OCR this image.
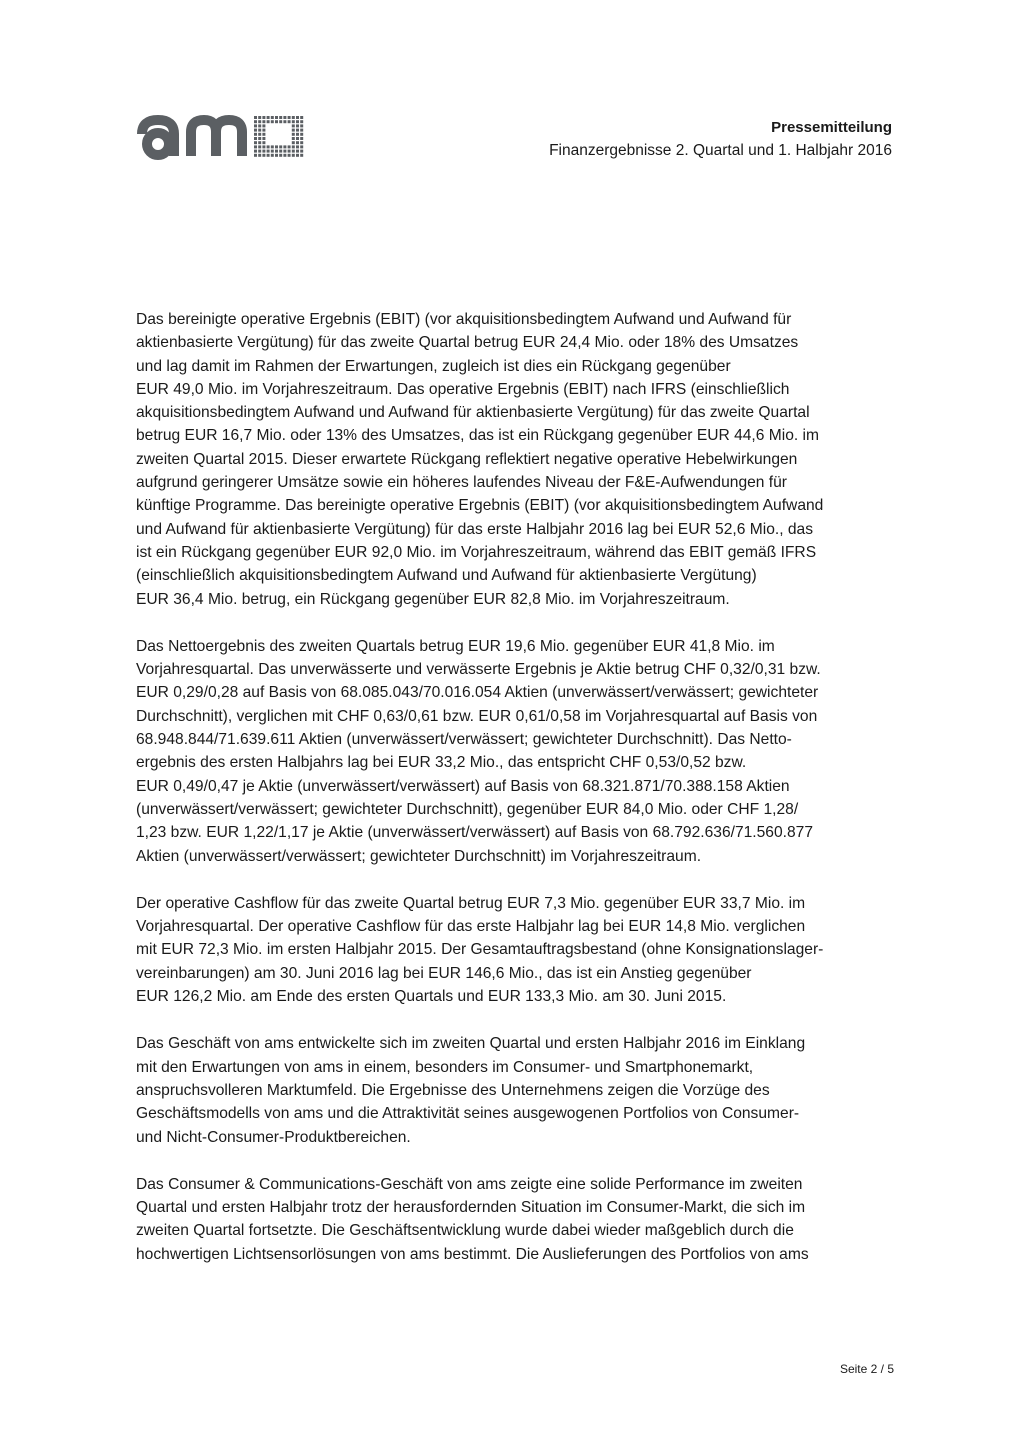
Pressemitteilung
Finanzergebnisse 2. Quartal und 1. Halbjahr 2016

Das bereinigte operative Ergebnis (EBIT) (vor akquisitionsbedingtem Aufwand und Aufwand für
aktienbasierte Vergütung) für das zweite Quartal betrug EUR 24,4 Mio. oder 18% des Umsatzes
und lag damit im Rahmen der Erwartungen, zugleich ist dies ein Rückgang gegenüber
EUR 49,0 Mio. im Vorjahreszeitraum. Das operative Ergebnis (EBIT) nach IFRS (einschließlich
akquisitionsbedingtem Aufwand und Aufwand für aktienbasierte Vergütung) für das zweite Quartal
betrug EUR 16,7 Mio. oder 13% des Umsatzes, das ist ein Rückgang gegenüber EUR 44,6 Mio. im
zweiten Quartal 2015. Dieser erwartete Rückgang reflektiert negative operative Hebelwirkungen
aufgrund geringerer Umsätze sowie ein höheres laufendes Niveau der F&E-Aufwendungen für
künftige Programme. Das bereinigte operative Ergebnis (EBIT) (vor akquisitionsbedingtem Aufwand
und Aufwand für aktienbasierte Vergütung) für das erste Halbjahr 2016 lag bei EUR 52,6 Mio., das
ist ein Rückgang gegenüber EUR 92,0 Mio. im Vorjahreszeitraum, während das EBIT gemäß IFRS
(einschließlich akquisitionsbedingtem Aufwand und Aufwand für aktienbasierte Vergütung)
EUR 36,4 Mio. betrug, ein Rückgang gegenüber EUR 82,8 Mio. im Vorjahreszeitraum.

Das Nettoergebnis des zweiten Quartals betrug EUR 19,6 Mio. gegenüber EUR 41,8 Mio. im
Vorjahresquartal. Das unverwässerte und verwässerte Ergebnis je Aktie betrug CHF 0,32/0,31 bzw.
EUR 0,29/0,28 auf Basis von 68.085.043/70.016.054 Aktien (unverwässert/verwässert; gewichteter
Durchschnitt), verglichen mit CHF 0,63/0,61 bzw. EUR 0,61/0,58 im Vorjahresquartal auf Basis von
68.948.844/71.639.611 Aktien (unverwässert/verwässert; gewichteter Durchschnitt). Das Netto-
ergebnis des ersten Halbjahrs lag bei EUR 33,2 Mio., das entspricht CHF 0,53/0,52 bzw.
EUR 0,49/0,47 je Aktie (unverwässert/verwässert) auf Basis von 68.321.871/70.388.158 Aktien
(unverwässert/verwässert; gewichteter Durchschnitt), gegenüber EUR 84,0 Mio. oder CHF 1,28/
1,23 bzw. EUR 1,22/1,17 je Aktie (unverwässert/verwässert) auf Basis von 68.792.636/71.560.877
Aktien (unverwässert/verwässert; gewichteter Durchschnitt) im Vorjahreszeitraum.

Der operative Cashflow für das zweite Quartal betrug EUR 7,3 Mio. gegenüber EUR 33,7 Mio. im
Vorjahresquartal. Der operative Cashflow für das erste Halbjahr lag bei EUR 14,8 Mio. verglichen
mit EUR 72,3 Mio. im ersten Halbjahr 2015. Der Gesamtauftragsbestand (ohne Konsignationslager-
vereinbarungen) am 30. Juni 2016 lag bei EUR 146,6 Mio., das ist ein Anstieg gegenüber
EUR 126,2 Mio. am Ende des ersten Quartals und EUR 133,3 Mio. am 30. Juni 2015.

Das Geschäft von ams entwickelte sich im zweiten Quartal und ersten Halbjahr 2016 im Einklang
mit den Erwartungen von ams in einem, besonders im Consumer- und Smartphonemarkt,
anspruchsvolleren Marktumfeld. Die Ergebnisse des Unternehmens zeigen die Vorzüge des
Geschäftsmodells von ams und die Attraktivität seines ausgewogenen Portfolios von Consumer-
und Nicht-Consumer-Produktbereichen.

Das Consumer & Communications-Geschäft von ams zeigte eine solide Performance im zweiten
Quartal und ersten Halbjahr trotz der herausfordernden Situation im Consumer-Markt, die sich im
zweiten Quartal fortsetzte. Die Geschäftsentwicklung wurde dabei wieder maßgeblich durch die
hochwertigen Lichtsensorlösungen von ams bestimmt. Die Auslieferungen des Portfolios von ams

Seite 2 / 5
